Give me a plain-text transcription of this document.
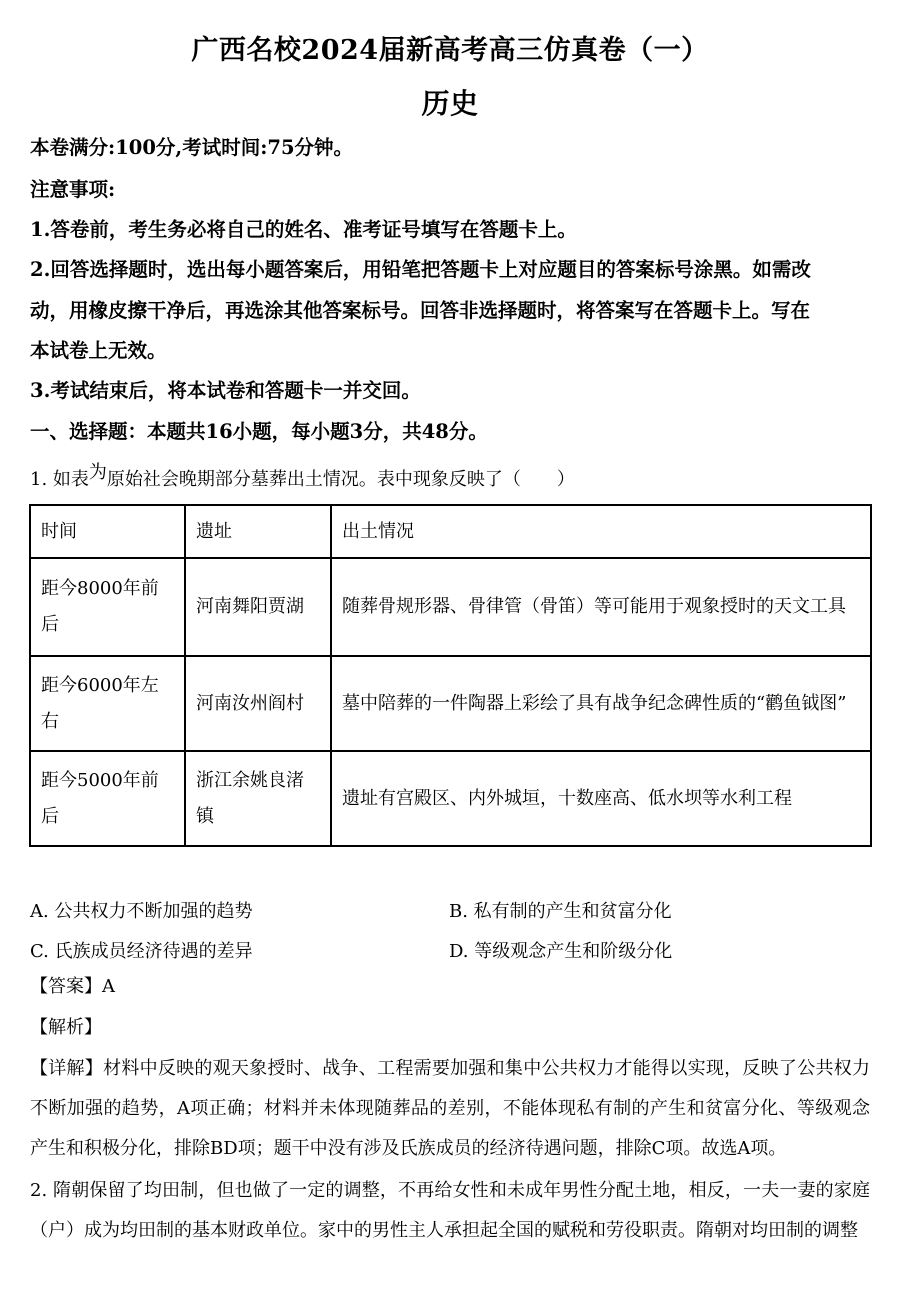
广西名校2024届新高考高三仿真卷（一）
历史
本卷满分:100分,考试时间:75分钟。
注意事项:
1.答卷前，考生务必将自己的姓名、准考证号填写在答题卡上。
2.回答选择题时，选出每小题答案后，用铅笔把答题卡上对应题目的答案标号涂黑。如需改
动，用橡皮擦干净后，再选涂其他答案标号。回答非选择题时，将答案写在答题卡上。写在
本试卷上无效。
3.考试结束后，将本试卷和答题卡一并交回。
一、选择题：本题共16小题，每小题3分，共48分。
1. 如表为原始社会晚期部分墓葬出土情况。表中现象反映了（　　）
时间	遗址	出土情况
距今8000年前后	河南舞阳贾湖	随葬骨规形器、骨律管（骨笛）等可能用于观象授时的天文工具
距今6000年左右	河南汝州阎村	墓中陪葬的一件陶器上彩绘了具有战争纪念碑性质的“鹳鱼钺图”
距今5000年前后	浙江余姚良渚镇	遗址有宫殿区、内外城垣，十数座高、低水坝等水利工程
A. 公共权力不断加强的趋势	B. 私有制的产生和贫富分化
C. 氏族成员经济待遇的差异	D. 等级观念产生和阶级分化
【答案】A
【解析】

【详解】材料中反映的观天象授时、战争、工程需要加强和集中公共权力才能得以实现，反映了公共权力不断加强的趋势，A项正确；材料并未体现随葬品的差别，不能体现私有制的产生和贫富分化、等级观念产生和积极分化，排除BD项；题干中没有涉及氏族成员的经济待遇问题，排除C项。故选A项。

2. 隋朝保留了均田制，但也做了一定的调整，不再给女性和未成年男性分配土地，相反，一夫一妻的家庭（户）成为均田制的基本财政单位。家中的男性主人承担起全国的赋税和劳役职责。隋朝对均田制的调整
